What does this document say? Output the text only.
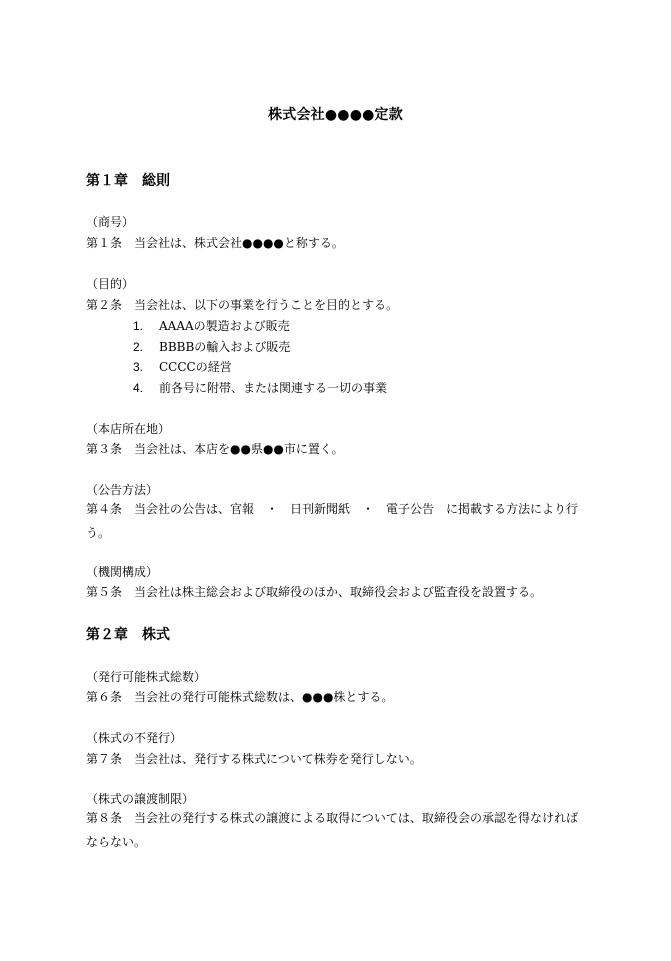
株式会社●●●●定款
第１章　総則
（商号）
第１条 当会社は、株式会社●●●●と称する。
（目的）
第２条 当会社は、以下の事業を行うことを目的とする。
1. AAAAの製造および販売
2. BBBBの輸入および販売
3. CCCCの経営
4. 前各号に附帯、または関連する一切の事業
（本店所在地）
第３条 当会社は、本店を●●県●●市に置く。
（公告方法）
第４条 当会社の公告は、官報　・　日刊新聞紙　・　電子公告　に掲載する方法により行う。
（機関構成）
第５条 当会社は株主総会および取締役のほか、取締役会および監査役を設置する。
第２章　株式
（発行可能株式総数）
第６条 当会社の発行可能株式総数は、●●●株とする。
（株式の不発行）
第７条 当会社は、発行する株式について株券を発行しない。
（株式の譲渡制限）
第８条 当会社の発行する株式の譲渡による取得については、取締役会の承認を得なければならない。
